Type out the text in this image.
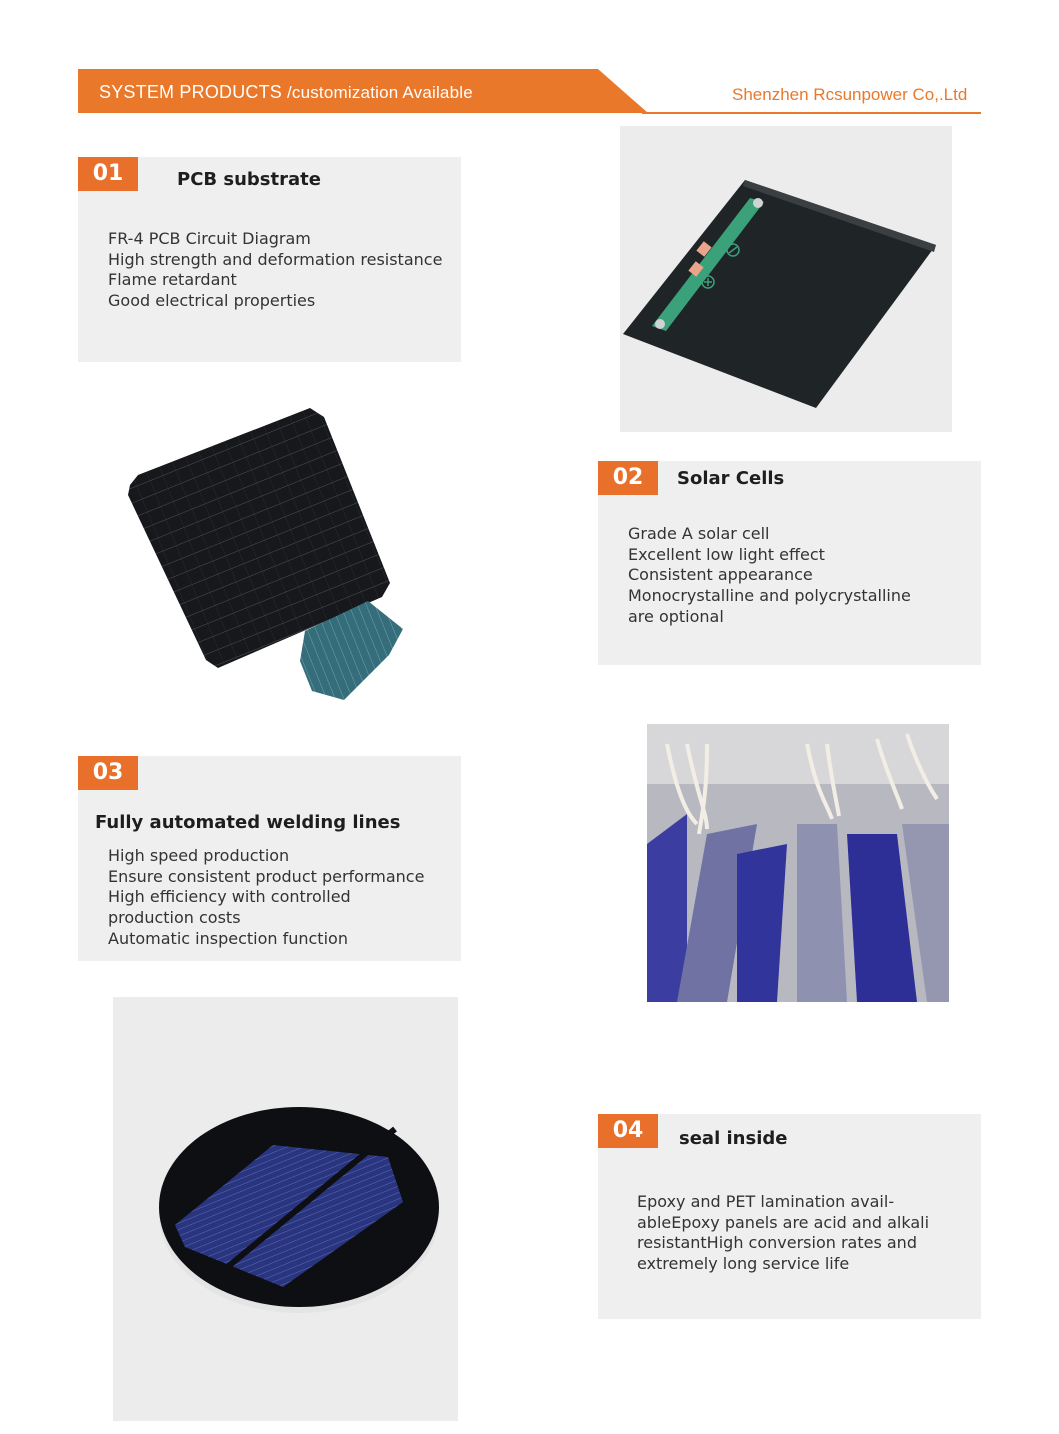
SYSTEM PRODUCTS /customization Available	Shenzhen Rcsunpower Co,.Ltd
01	PCB substrate
FR-4 PCB Circuit Diagram
High strength and deformation resistance
Flame retardant
Good electrical properties
02	Solar Cells
Grade A solar cell
Excellent low light effect
Consistent appearance
Monocrystalline and polycrystalline
are optional
03
Fully automated welding lines
High speed production
Ensure consistent product performance
High efficiency with controlled
production costs
Automatic inspection function
04	seal inside
Epoxy and PET lamination avail-
ableEpoxy panels are acid and alkali
resistantHigh conversion rates and
extremely long service life
